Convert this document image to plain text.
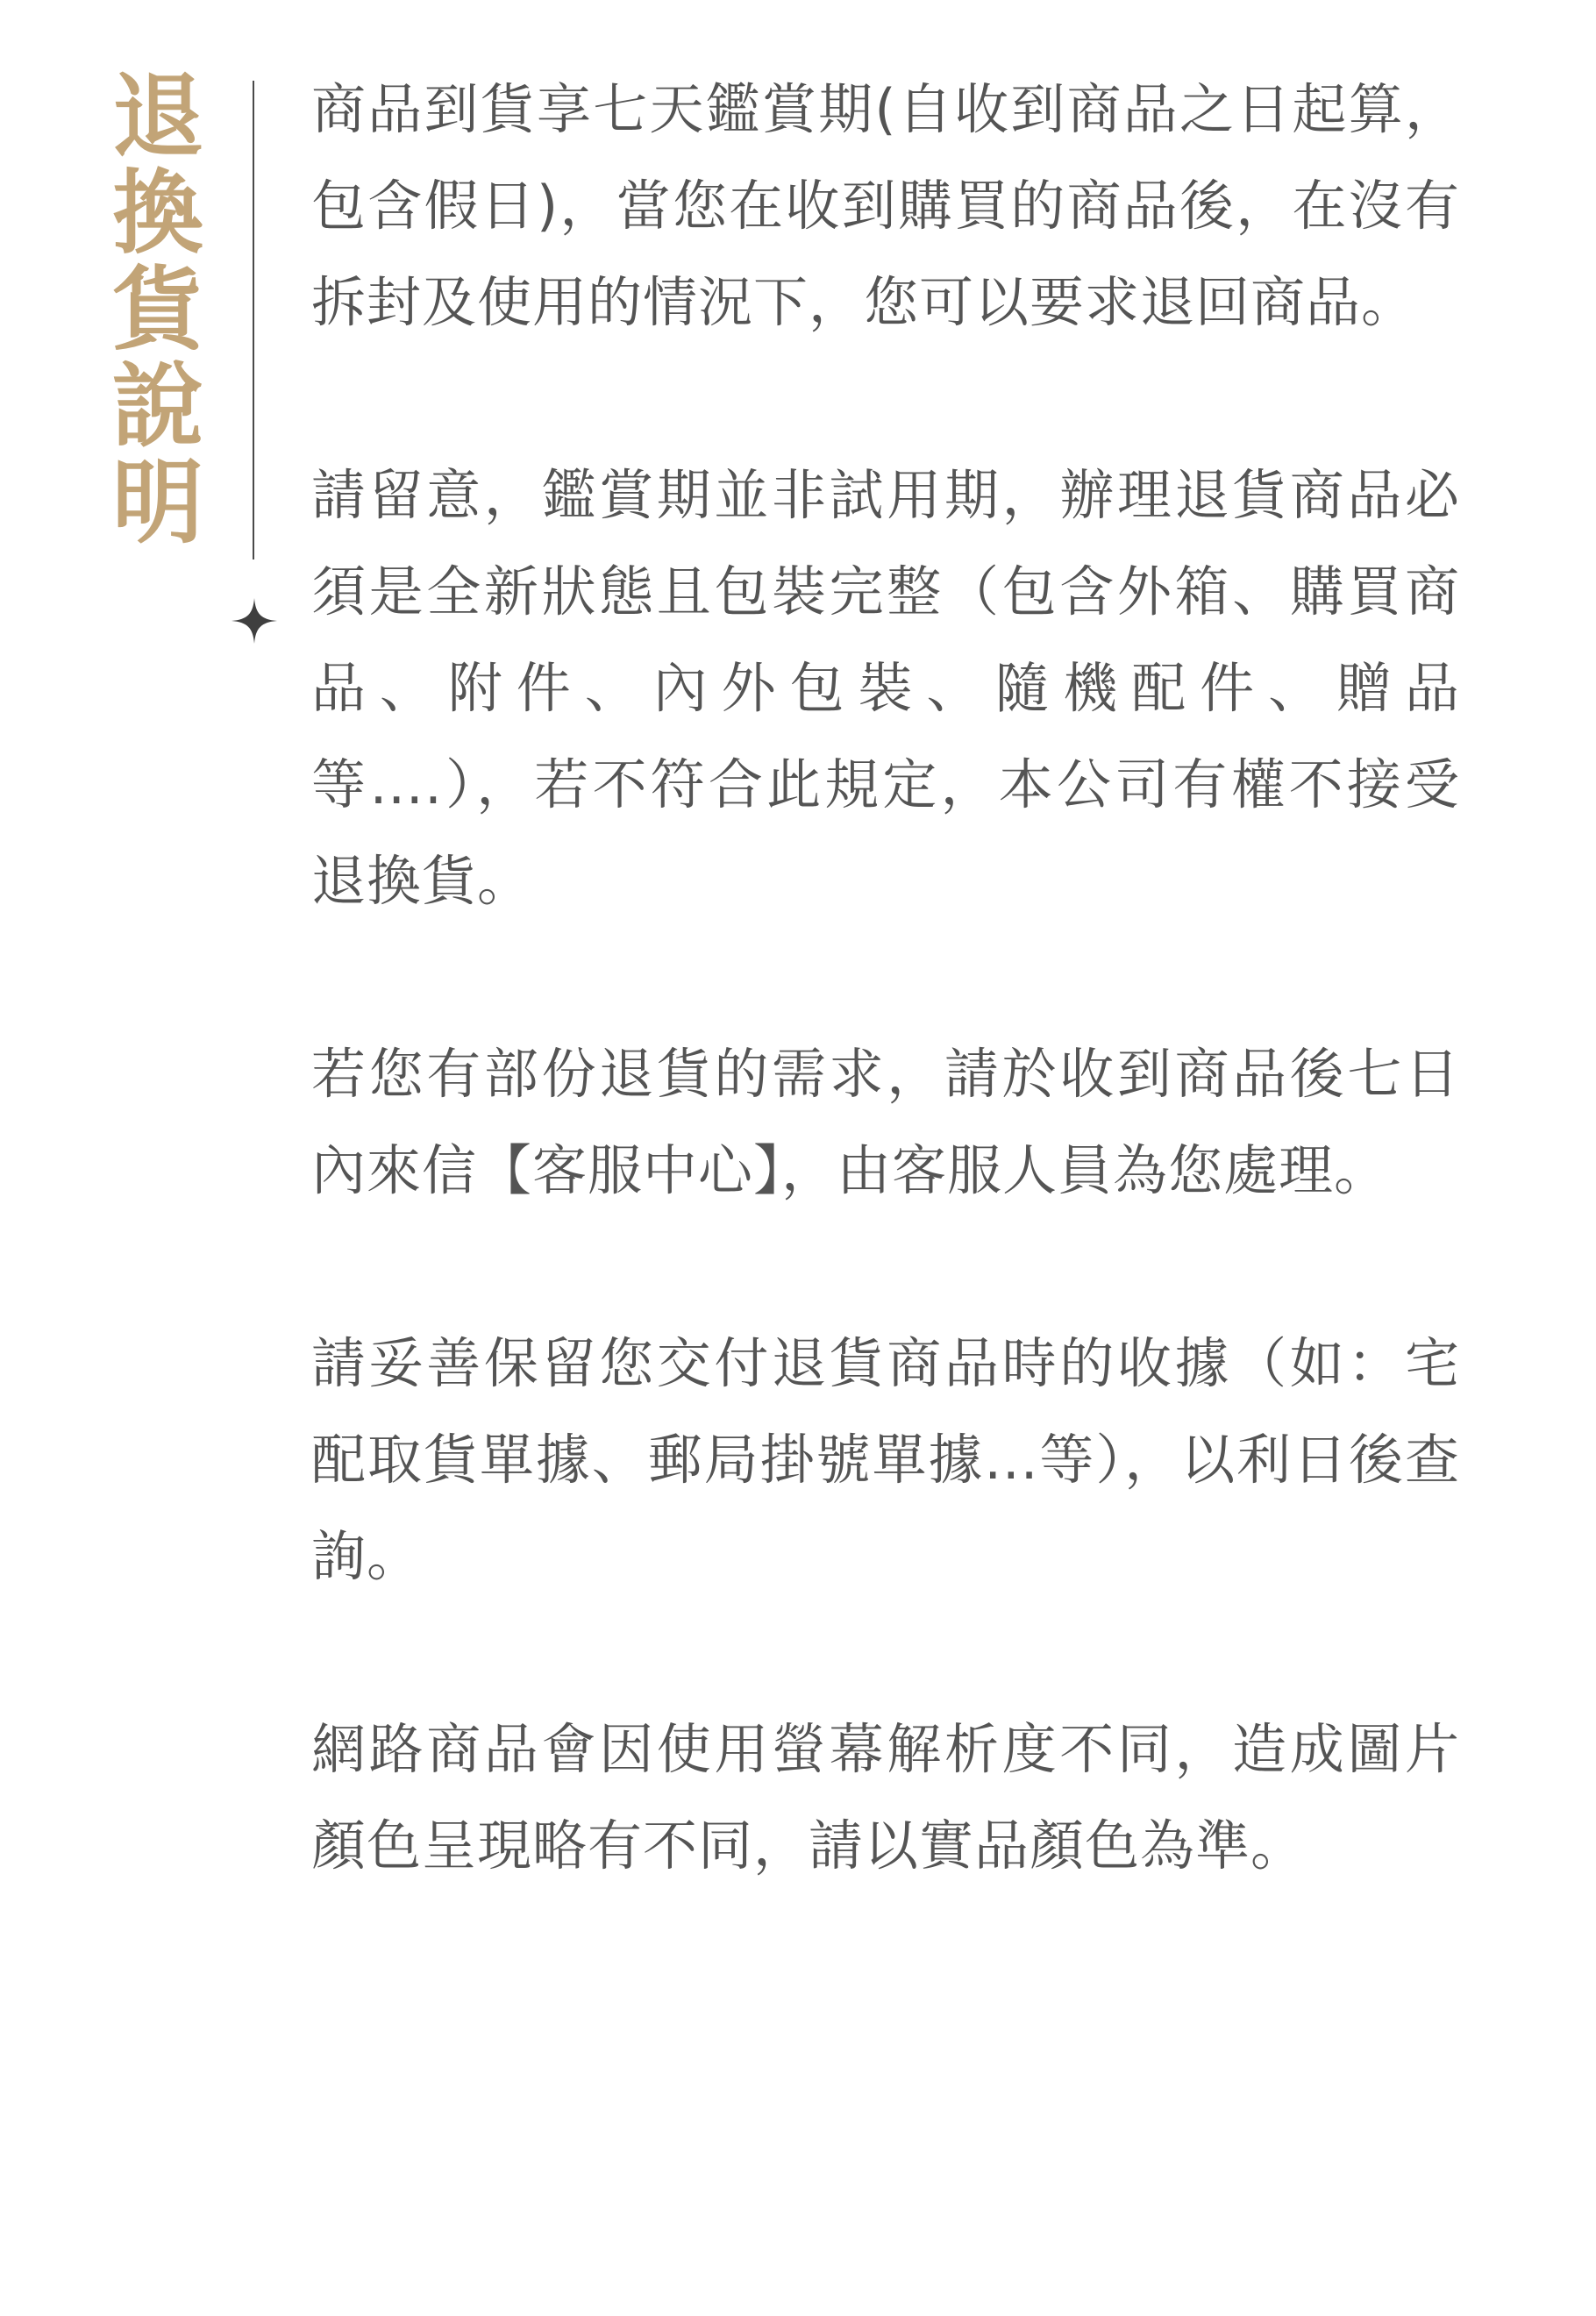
退
換
貨
說
明

商品到貨享七天鑑賞期(自收到商品之日起算，包含假日)，當您在收到購買的商品後，在沒有拆封及使用的情況下，您可以要求退回商品。

請留意，鑑賞期並非試用期，辦理退貨商品必須是全新狀態且包裝完整（包含外箱、購買商品、附件、內外包裝、隨機配件、贈品等….），若不符合此規定，本公司有權不接受退換貨。

若您有部份退貨的需求，請於收到商品後七日內來信【客服中心】，由客服人員為您處理。

請妥善保留您交付退貨商品時的收據（如：宅配取貨單據、郵局掛號單據...等），以利日後查詢。

網路商品會因使用螢幕解析度不同，造成圖片顏色呈現略有不同，請以實品顏色為準。
